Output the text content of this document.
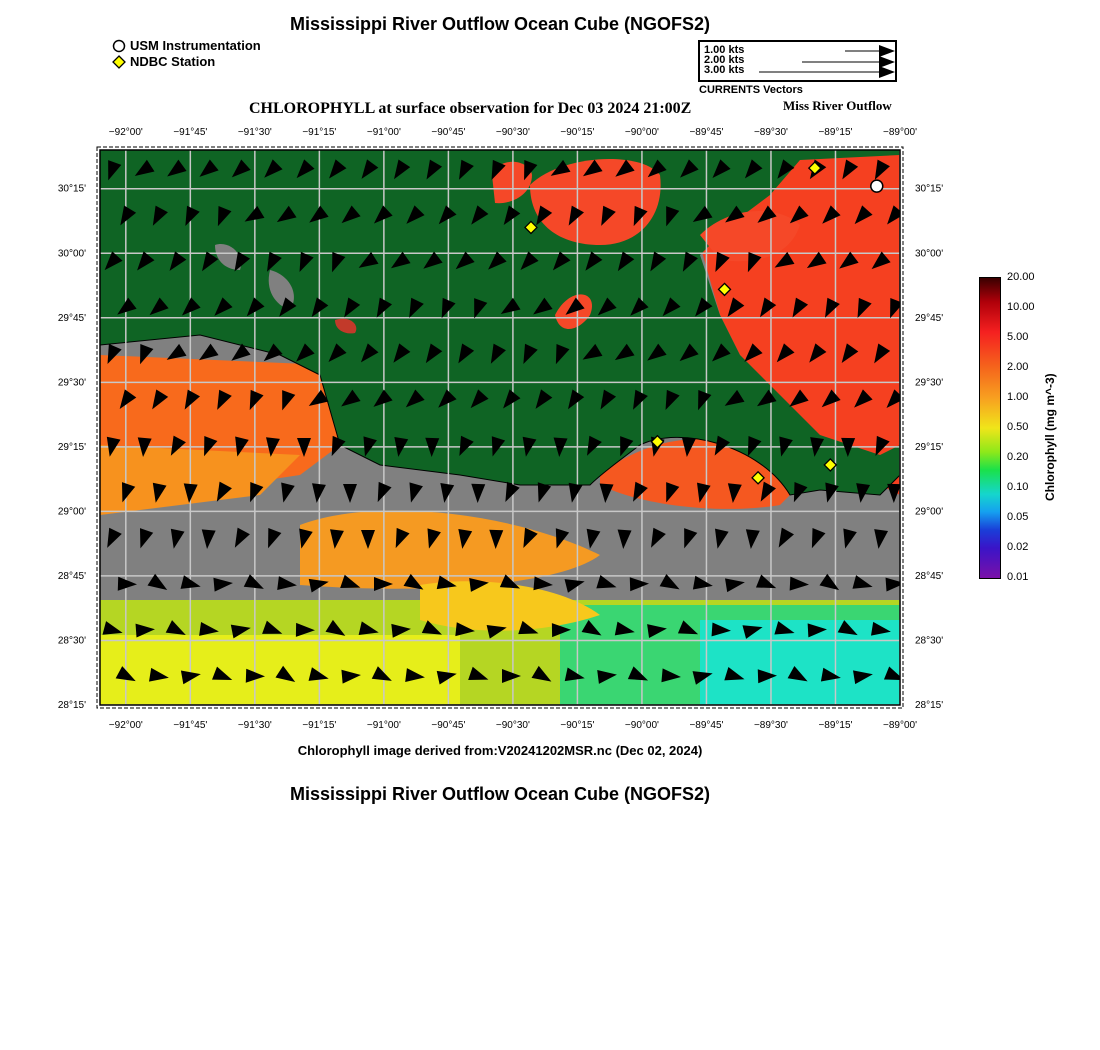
Mississippi River Outflow Ocean Cube (NGOFS2)
USM Instrumentation
NDBC Station
1.00 kts
2.00 kts
3.00 kts
CURRENTS Vectors
CHLOROPHYLL at surface observation for Dec 03 2024 21:00Z	Miss River Outflow
−92°00'	−91°45'	−91°30'	−91°15'	−91°00'	−90°45'	−90°30'	−90°15'	−90°00'	−89°45'	−89°30'	−89°15'	−89°00'
−92°00'	−91°45'	−91°30'	−91°15'	−91°00'	−90°45'	−90°30'	−90°15'	−90°00'	−89°45'	−89°30'	−89°15'	−89°00'
30°15'
30°00'
29°45'
29°30'
29°15'
29°00'
28°45'
28°30'
28°15'
30°15'
30°00'
29°45'
29°30'
29°15'
29°00'
28°45'
28°30'
28°15'
Chlorophyll image derived from:V20241202MSR.nc (Dec 02, 2024)
20.00
10.00
5.00
2.00
1.00
0.50
0.20
0.10
0.05
0.02
0.01
Chlorophyll (mg m^-3)
Mississippi River Outflow Ocean Cube (NGOFS2)
